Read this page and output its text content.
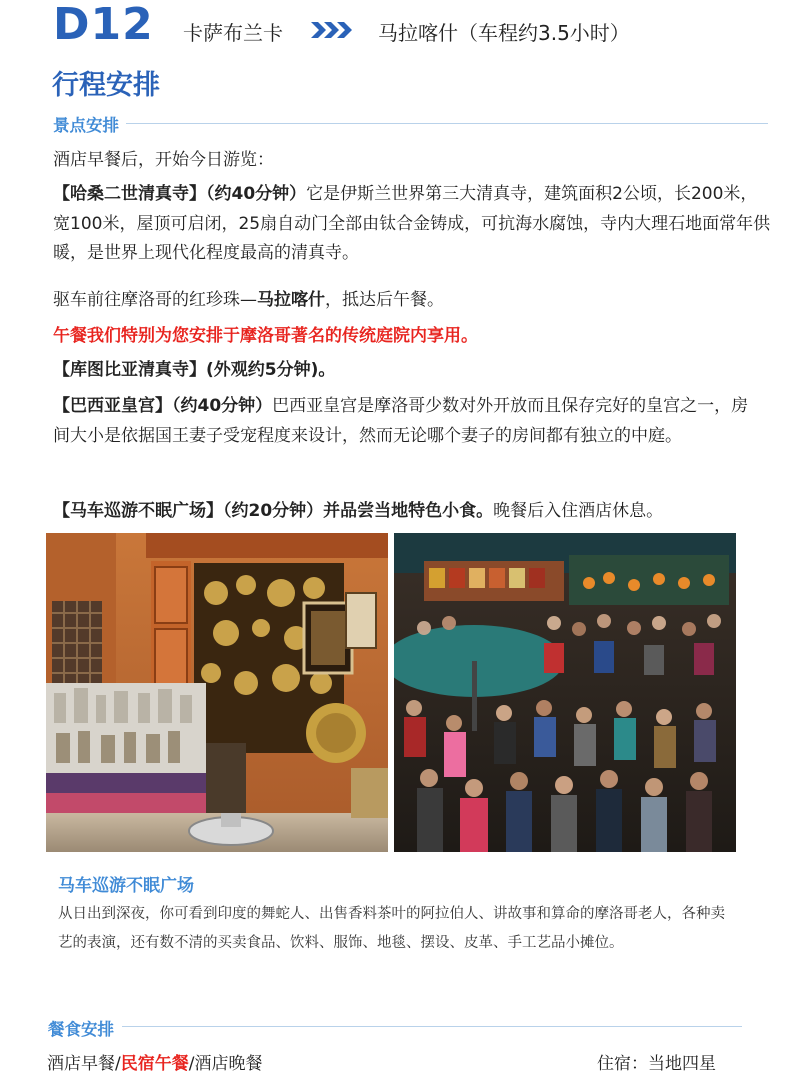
D12 卡萨布兰卡	马拉喀什（车程约3.5小时）
行程安排
景点安排

酒店早餐后，开始今日游览：

【哈桑二世清真寺】（约40分钟）它是伊斯兰世界第三大清真寺，建筑面积2公顷，长200米，宽100米，屋顶可启闭，25扇自动门全部由钛合金铸成，可抗海水腐蚀，寺内大理石地面常年供暖，是世界上现代化程度最高的清真寺。

驱车前往摩洛哥的红珍珠—马拉喀什，抵达后午餐。

午餐我们特别为您安排于摩洛哥著名的传统庭院内享用。

【库图比亚清真寺】(外观约5分钟)。

【巴西亚皇宫】（约40分钟）巴西亚皇宫是摩洛哥少数对外开放而且保存完好的皇宫之一，房间大小是依据国王妻子受宠程度来设计，然而无论哪个妻子的房间都有独立的中庭。

【马车巡游不眠广场】（约20分钟）并品尝当地特色小食。晚餐后入住酒店休息。

马车巡游不眠广场

从日出到深夜，你可看到印度的舞蛇人、出售香料茶叶的阿拉伯人、讲故事和算命的摩洛哥老人，各种卖艺的表演，还有数不清的买卖食品、饮料、服饰、地毯、摆设、皮革、手工艺品小摊位。

餐食安排
酒店早餐/民宿午餐/酒店晚餐	住宿：当地四星
